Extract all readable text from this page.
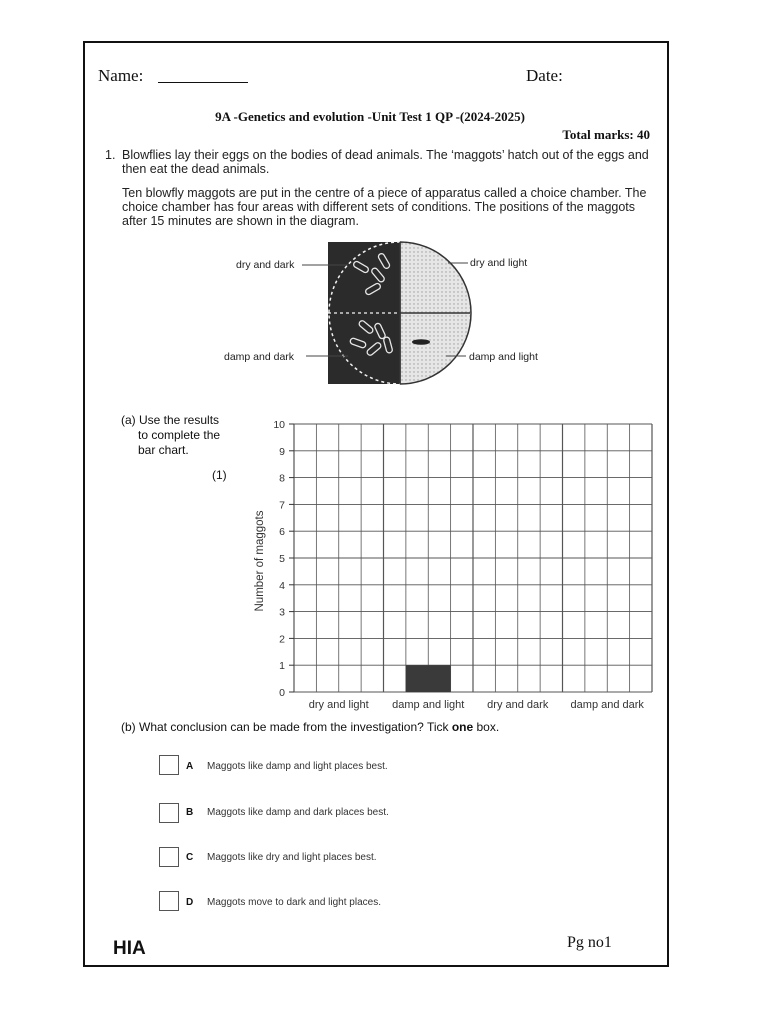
Name:	Date:
9A -Genetics and evolution -Unit Test 1 QP -(2024-2025)
Total marks: 40
1. Blowflies lay their eggs on the bodies of dead animals. The ‘maggots’ hatch out of the eggs and
then eat the dead animals.
Ten blowfly maggots are put in the centre of a piece of apparatus called a choice chamber. The
choice chamber has four areas with different sets of conditions. The positions of the maggots
after 15 minutes are shown in the diagram.
dry and dark	dry and light
damp and dark	damp and light
(a) Use the results
to complete the
bar chart.
(1)
Number of maggots
0
1
2
3
4
5
6
7
8
9
10
dry and light damp and light dry and dark damp and dark
(b) What conclusion can be made from the investigation? Tick one box.
A Maggots like damp and light places best.
B Maggots like damp and dark places best.
C Maggots like dry and light places best.
D Maggots move to dark and light places.
HIA	Pg no1
